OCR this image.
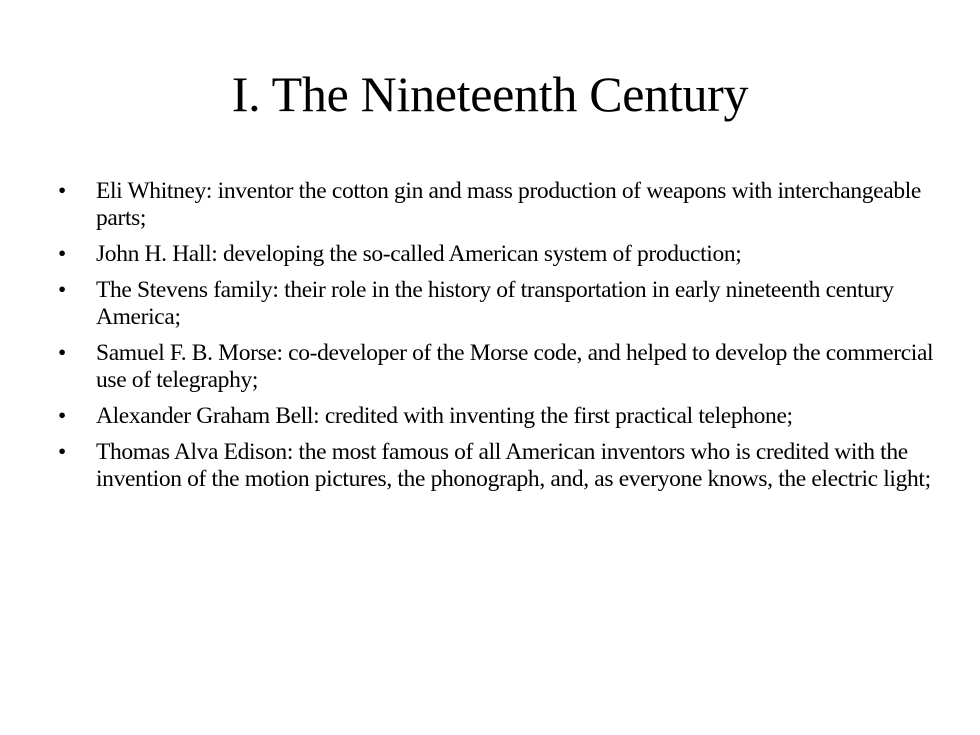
I. The Nineteenth Century
• Eli Whitney: inventor the cotton gin and mass production of weapons with interchangeable parts;
• John H. Hall: developing the so-called American system of production;
• The Stevens family: their role in the history of transportation in early nineteenth century America;
• Samuel F. B. Morse: co-developer of the Morse code, and helped to develop the commercial use of telegraphy;
• Alexander Graham Bell: credited with inventing the first practical telephone;
• Thomas Alva Edison: the most famous of all American inventors who is credited with the invention of the motion pictures, the phonograph, and, as everyone knows, the electric light;
